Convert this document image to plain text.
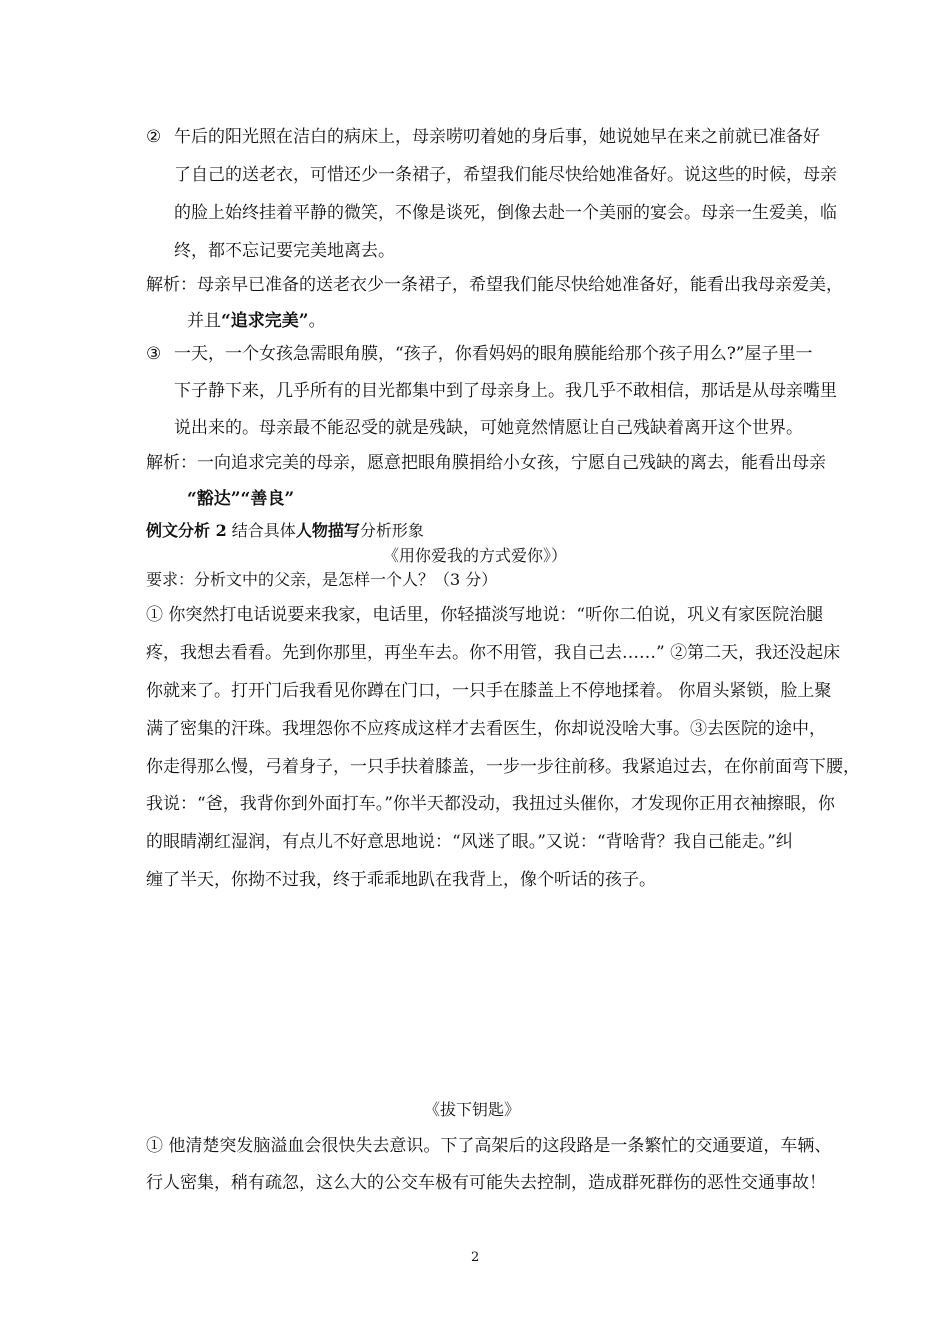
② 午后的阳光照在洁白的病床上，母亲唠叨着她的身后事，她说她早在来之前就已准备好
了自己的送老衣，可惜还少一条裙子，希望我们能尽快给她准备好。说这些的时候，母亲
的脸上始终挂着平静的微笑，不像是谈死，倒像去赴一个美丽的宴会。母亲一生爱美，临
终，都不忘记要完美地离去。
解析：母亲早已准备的送老衣少一条裙子，希望我们能尽快给她准备好，能看出我母亲爱美，
并且“追求完美”。
③ 一天，一个女孩急需眼角膜，“孩子，你看妈妈的眼角膜能给那个孩子用么?”屋子里一
下子静下来，几乎所有的目光都集中到了母亲身上。我几乎不敢相信，那话是从母亲嘴里
说出来的。母亲最不能忍受的就是残缺，可她竟然情愿让自己残缺着离开这个世界。
解析：一向追求完美的母亲，愿意把眼角膜捐给小女孩，宁愿自己残缺的离去，能看出母亲
“豁达”“善良”
例文分析 2 结合具体人物描写分析形象
《用你爱我的方式爱你》）
要求：分析文中的父亲，是怎样一个人？（3 分）
① 你突然打电话说要来我家，电话里，你轻描淡写地说：“听你二伯说，巩义有家医院治腿
疼，我想去看看。先到你那里，再坐车去。你不用管，我自己去……” ②第二天，我还没起床
你就来了。打开门后我看见你蹲在门口，一只手在膝盖上不停地揉着。 你眉头紧锁，脸上聚
满了密集的汗珠。我埋怨你不应疼成这样才去看医生，你却说没啥大事。③去医院的途中，
你走得那么慢，弓着身子，一只手扶着膝盖，一步一步往前移。我紧追过去，在你前面弯下腰，
我说：“爸，我背你到外面打车。”你半天都没动，我扭过头催你，才发现你正用衣袖擦眼，你
的眼睛潮红湿润，有点儿不好意思地说：“风迷了眼。”又说：“背啥背？我自己能走。”纠
缠了半天，你拗不过我，终于乖乖地趴在我背上，像个听话的孩子。
《拔下钥匙》
① 他清楚突发脑溢血会很快失去意识。下了高架后的这段路是一条繁忙的交通要道，车辆、
行人密集，稍有疏忽，这么大的公交车极有可能失去控制，造成群死群伤的恶性交通事故！
2
